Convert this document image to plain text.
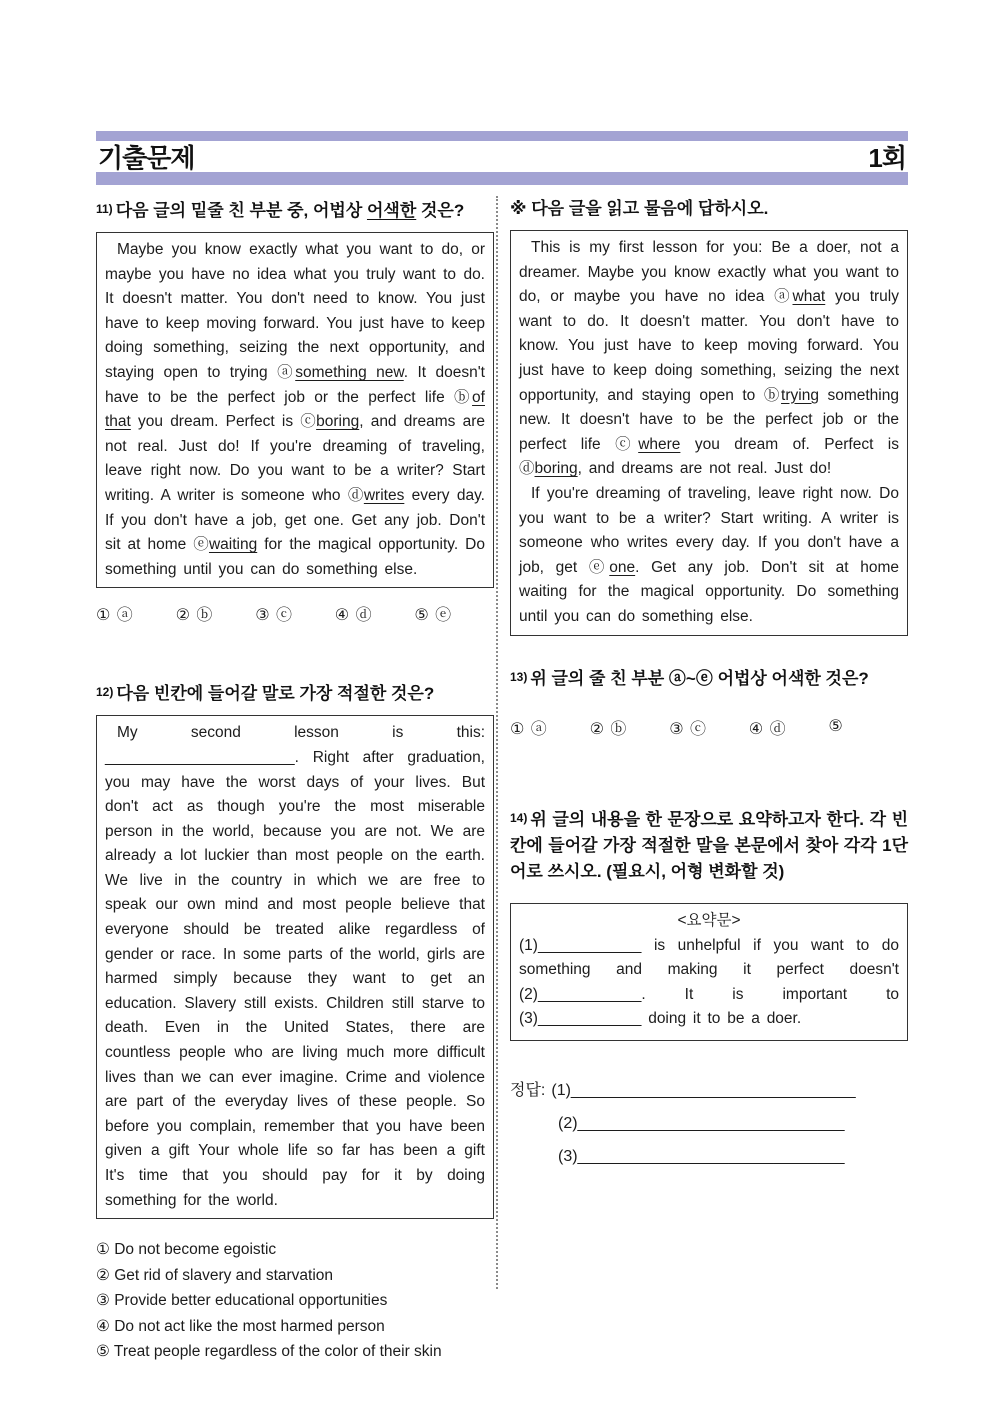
기출문제	1회
11) 다음 글의 밑줄 친 부분 중, 어법상 어색한 것은?

Maybe you know exactly what you want to do, or maybe you have no idea what you truly want to do. It doesn't matter. You don't need to know. You just have to keep moving forward. You just have to keep doing something, seizing the next opportunity, and staying open to trying ⓐsomething new. It doesn't have to be the perfect job or the perfect life ⓑof that you dream. Perfect is ⓒboring, and dreams are not real. Just do! If you're dreaming of traveling, leave right now. Do you want to be a writer? Start writing. A writer is someone who ⓓwrites every day. If you don't have a job, get one. Get any job. Don't sit at home ⓔwaiting for the magical opportunity. Do something until you can do something else.

① ⓐ	② ⓑ	③ ⓒ	④ ⓓ	⑤ ⓔ
12) 다음 빈칸에 들어갈 말로 가장 적절한 것은?

My second lesson is this: ______________________. Right after graduation, you may have the worst days of your lives. But don't act as though you're the most miserable person in the world, because you are not. We are already a lot luckier than most people on the earth. We live in the country in which we are free to speak our own mind and most people believe that everyone should be treated alike regardless of gender or race. In some parts of the world, girls are harmed simply because they want to get an education. Slavery still exists. Children still starve to death. Even in the United States, there are countless people who are living much more difficult lives than we can ever imagine. Crime and violence are part of the everyday lives of these people. So before you complain, remember that you have been given a gift Your whole life so far has been a gift It's time that you should pay for it by doing something for the world.

① Do not become egoistic
② Get rid of slavery and starvation
③ Provide better educational opportunities
④ Do not act like the most harmed person
⑤ Treat people regardless of the color of their skin
※ 다음 글을 읽고 물음에 답하시오.

This is my first lesson for you: Be a doer, not a dreamer. Maybe you know exactly what you want to do, or maybe you have no idea ⓐwhat you truly want to do. It doesn't matter. You don't have to know. You just have to keep moving forward. You just have to keep doing something, seizing the next opportunity, and staying open to ⓑtrying something new. It doesn't have to be the perfect job or the perfect life ⓒwhere you dream of. Perfect is ⓓboring, and dreams are not real. Just do!

If you're dreaming of traveling, leave right now. Do you want to be a writer? Start writing. A writer is someone who writes every day. If you don't have a job, get ⓔone. Get any job. Don't sit at home waiting for the magical opportunity. Do something until you can do something else.

13) 위 글의 줄 친 부분 ⓐ~ⓔ 어법상 어색한 것은?
① ⓐ	② ⓑ	③ ⓒ	④ ⓓ	⑤
14) 위 글의 내용을 한 문장으로 요약하고자 한다. 각 빈칸에 들어갈 가장 적절한 말을 본문에서 찾아 각각 1단어로 쓰시오. (필요시, 어형 변화할 것)
<요약문>

(1)____________ is unhelpful if you want to do something and making it perfect doesn't (2)____________. It is important to (3)____________ doing it to be a doer.

정답: (1)________________________________
(2)______________________________
(3)______________________________
